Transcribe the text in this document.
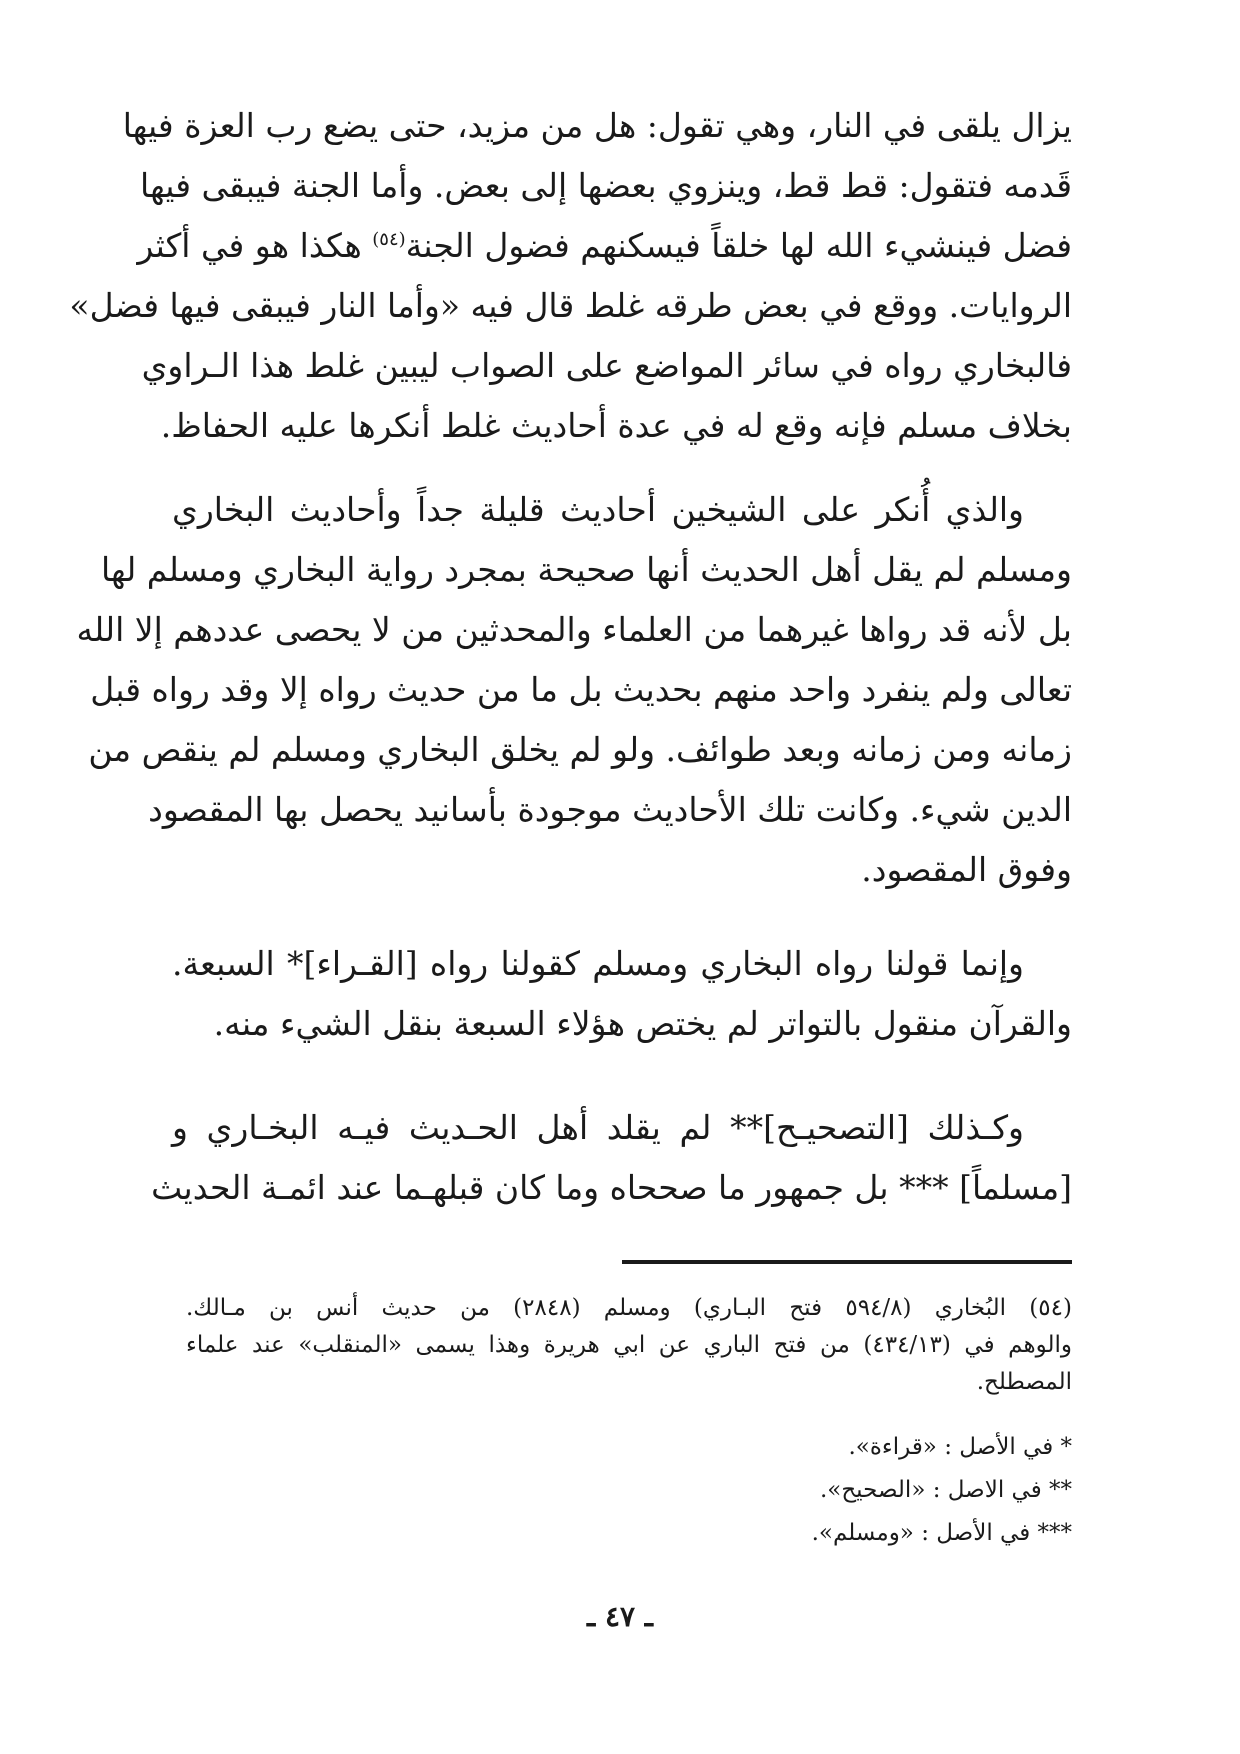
يزال يلقى في النار، وهي تقول: هل من مزيد، حتى يضع رب العزة فيها
قَدمه فتقول: قط قط، وينزوي بعضها إلى بعض. وأما الجنة فيبقى فيها
فضل فينشيء الله لها خلقاً فيسكنهم فضول الجنة$^{(٥٤)}$ هكذا هو في أكثر
الروايات. ووقع في بعض طرقه غلط قال فيه «وأما النار فيبقى فيها فضل»
فالبخاري رواه في سائر المواضع على الصواب ليبين غلط هذا الـراوي
بخلاف مسلم فإنه وقع له في عدة أحاديث غلط أنكرها عليه الحفاظ.

والذي أُنكر على الشيخين أحاديث قليلة جداً وأحاديث البخاري
ومسلم لم يقل أهل الحديث أنها صحيحة بمجرد رواية البخاري ومسلم لها
بل لأنه قد رواها غيرهما من العلماء والمحدثين من لا يحصى عددهم إلا الله
تعالى ولم ينفرد واحد منهم بحديث بل ما من حديث رواه إلا وقد رواه قبل
زمانه ومن زمانه وبعد طوائف. ولو لم يخلق البخاري ومسلم لم ينقص من
الدين شيء. وكانت تلك الأحاديث موجودة بأسانيد يحصل بها المقصود
وفوق المقصود.

وإنما قولنا رواه البخاري ومسلم كقولنا رواه [القـراء]* السبعة.
والقرآن منقول بالتواتر لم يختص هؤلاء السبعة بنقل الشيء منه.

وكـذلك [التصحيـح]** لم يقلد أهل الحـديث فيـه البخـاري و
[مسلماً] *** بل جمهور ما صححاه وما كان قبلهـما عند ائمـة الحديث

(٥٤) البُخاري (٥٩٤/٨ فتح البـاري) ومسلم (٢٨٤٨) من حديث أنس بن مـالك.
والوهم في (٤٣٤/١٣) من فتح الباري عن ابي هريرة وهذا يسمى «المنقلب» عند علماء
المصطلح.
* في الأصل : «قراءة».
** في الاصل : «الصحيح».
*** في الأصل : «ومسلم».
ـ ٤٧ ـ
